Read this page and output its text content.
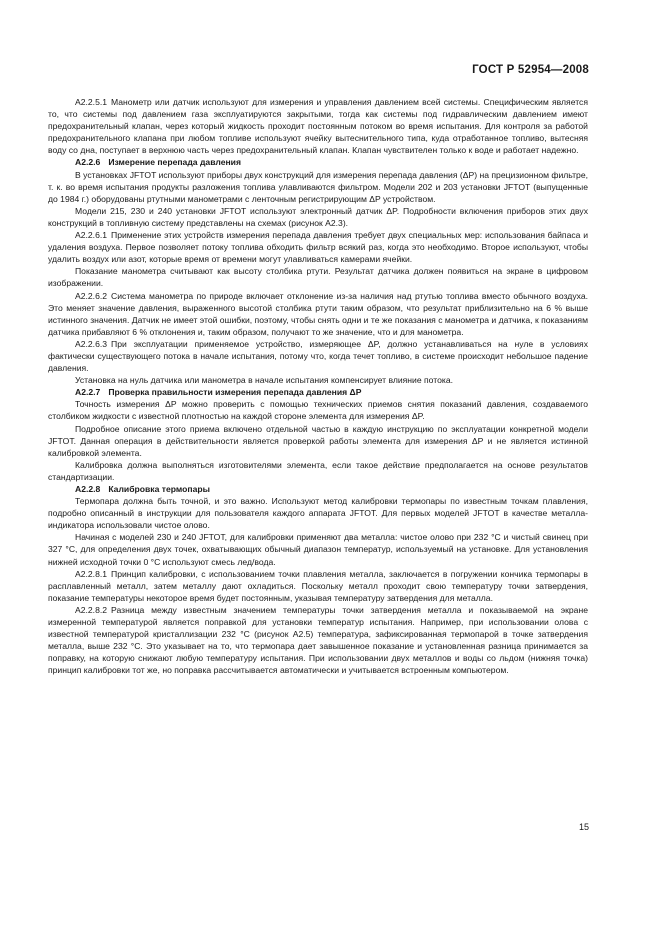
ГОСТ Р 52954—2008

A2.2.5.1 Манометр или датчик используют для измерения и управления давлением всей системы. Специфическим является то, что системы под давлением газа эксплуатируются закрытыми, тогда как системы под гидравлическим давлением имеют предохранительный клапан, через который жидкость проходит постоянным потоком во время испытания. Для контроля за работой предохранительного клапана при любом топливе используют ячейку вытеснительного типа, куда отработанное топливо, вытесняя воду со дна, поступает в верхнюю часть через предохранительный клапан. Клапан чувствителен только к воде и работает надежно.

A2.2.6 Измерение перепада давления

В установках JFTOT используют приборы двух конструкций для измерения перепада давления (ΔP) на прецизионном фильтре, т. к. во время испытания продукты разложения топлива улавливаются фильтром. Модели 202 и 203 установки JFTOT (выпущенные до 1984 г.) оборудованы ртутными манометрами с ленточным регистрирующим ΔP устройством.

Модели 215, 230 и 240 установки JFTOT используют электронный датчик ΔP. Подробности включения приборов этих двух конструкций в топливную систему представлены на схемах (рисунок A2.3).

A2.2.6.1 Применение этих устройств измерения перепада давления требует двух специальных мер: использования байпаса и удаления воздуха. Первое позволяет потоку топлива обходить фильтр всякий раз, когда это необходимо. Второе используют, чтобы удалить воздух или азот, которые время от времени могут улавливаться камерами ячейки.

Показание манометра считывают как высоту столбика ртути. Результат датчика должен появиться на экране в цифровом изображении.

A2.2.6.2 Система манометра по природе включает отклонение из-за наличия над ртутью топлива вместо обычного воздуха. Это меняет значение давления, выраженного высотой столбика ртути таким образом, что результат приблизительно на 6 % выше истинного значения. Датчик не имеет этой ошибки, поэтому, чтобы снять одни и те же показания с манометра и датчика, к показаниям датчика прибавляют 6 % отклонения и, таким образом, получают то же значение, что и для манометра.

A2.2.6.3 При эксплуатации применяемое устройство, измеряющее ΔP, должно устанавливаться на нуле в условиях фактически существующего потока в начале испытания, потому что, когда течет топливо, в системе происходит небольшое падение давления.

Установка на нуль датчика или манометра в начале испытания компенсирует влияние потока.

A2.2.7 Проверка правильности измерения перепада давления ΔP

Точность измерения ΔP можно проверить с помощью технических приемов снятия показаний давления, создаваемого столбиком жидкости с известной плотностью на каждой стороне элемента для измерения ΔP.

Подробное описание этого приема включено отдельной частью в каждую инструкцию по эксплуатации конкретной модели JFTOT. Данная операция в действительности является проверкой работы элемента для измерения ΔP и не является истинной калибровкой элемента.

Калибровка должна выполняться изготовителями элемента, если такое действие предполагается на основе результатов стандартизации.

A2.2.8 Калибровка термопары

Термопара должна быть точной, и это важно. Используют метод калибровки термопары по известным точкам плавления, подробно описанный в инструкции для пользователя каждого аппарата JFTOT. Для первых моделей JFTOT в качестве металла-индикатора использовали чистое олово.

Начиная с моделей 230 и 240 JFTOT, для калибровки применяют два металла: чистое олово при 232 °C и чистый свинец при 327 °C, для определения двух точек, охватывающих обычный диапазон температур, используемый на установке. Для установления нижней исходной точки 0 °C используют смесь лед/вода.

A2.2.8.1 Принцип калибровки, с использованием точки плавления металла, заключается в погружении кончика термопары в расплавленный металл, затем металлу дают охладиться. Поскольку металл проходит свою температуру точки затвердения, показание температуры некоторое время будет постоянным, указывая температуру затвердения для металла.

A2.2.8.2 Разница между известным значением температуры точки затвердения металла и показываемой на экране измеренной температурой является поправкой для установки температур испытания. Например, при использовании олова с известной температурой кристаллизации 232 °C (рисунок A2.5) температура, зафиксированная термопарой в точке затвердения металла, выше 232 °C. Это указывает на то, что термопара дает завышенное показание и установленная разница принимается за поправку, на которую снижают любую температуру испытания. При использовании двух металлов и воды со льдом (нижняя точка) принцип калибровки тот же, но поправка рассчитывается автоматически и учитывается встроенным компьютером.

15
